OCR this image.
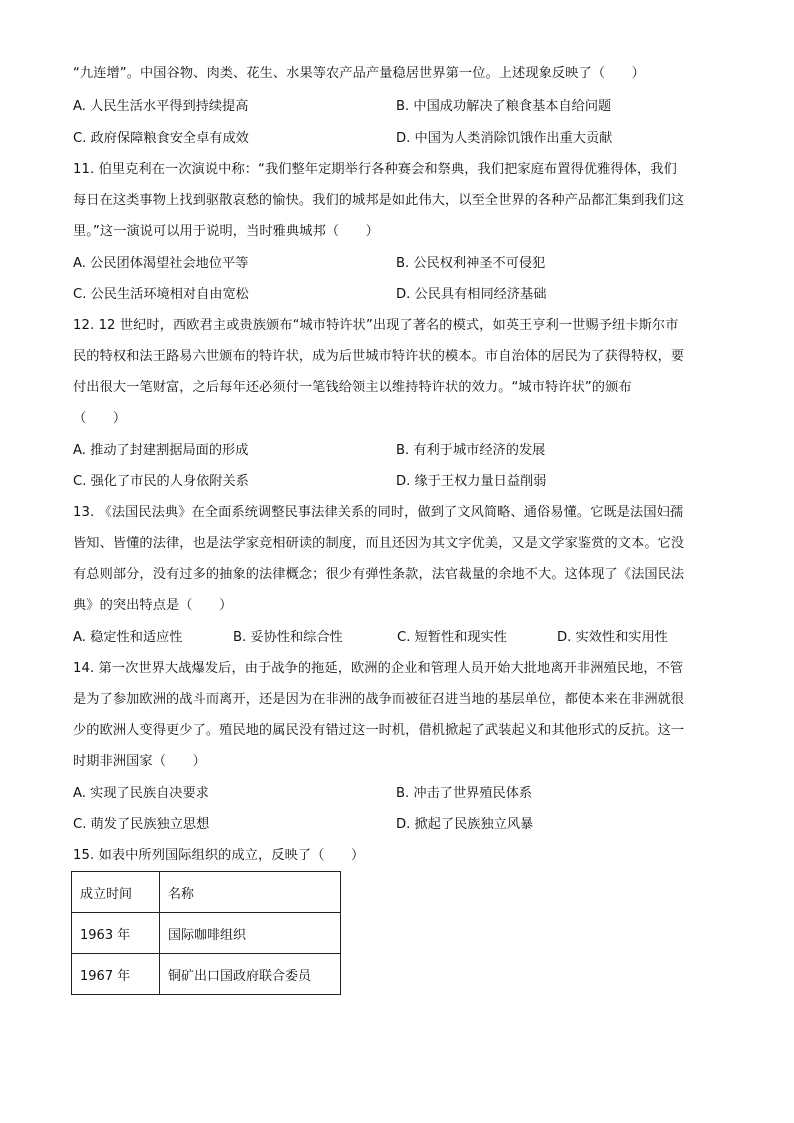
“九连增”。中国谷物、肉类、花生、水果等农产品产量稳居世界第一位。上述现象反映了（　　）
A. 人民生活水平得到持续提高	B. 中国成功解决了粮食基本自给问题
C. 政府保障粮食安全卓有成效	D. 中国为人类消除饥饿作出重大贡献
11. 伯里克利在一次演说中称：“我们整年定期举行各种赛会和祭典，我们把家庭布置得优雅得体，我们
每日在这类事物上找到驱散哀愁的愉快。我们的城邦是如此伟大，以至全世界的各种产品都汇集到我们这
里。”这一演说可以用于说明，当时雅典城邦（　　）
A. 公民团体渴望社会地位平等	B. 公民权利神圣不可侵犯
C. 公民生活环境相对自由宽松	D. 公民具有相同经济基础
12. 12 世纪时，西欧君主或贵族颁布“城市特许状”出现了著名的模式，如英王亨利一世赐予纽卡斯尔市
民的特权和法王路易六世颁布的特许状，成为后世城市特许状的模本。市自治体的居民为了获得特权，要
付出很大一笔财富，之后每年还必须付一笔钱给领主以维持特许状的效力。“城市特许状”的颁布
（　　）
A. 推动了封建割据局面的形成	B. 有利于城市经济的发展
C. 强化了市民的人身依附关系	D. 缘于王权力量日益削弱
13. 《法国民法典》在全面系统调整民事法律关系的同时，做到了文风简略、通俗易懂。它既是法国妇孺
皆知、皆懂的法律，也是法学家竞相研读的制度，而且还因为其文字优美，又是文学家鉴赏的文本。它没
有总则部分，没有过多的抽象的法律概念；很少有弹性条款，法官裁量的余地不大。这体现了《法国民法
典》的突出特点是（　　）
A. 稳定性和适应性	B. 妥协性和综合性	C. 短暂性和现实性	D. 实效性和实用性
14. 第一次世界大战爆发后，由于战争的拖延，欧洲的企业和管理人员开始大批地离开非洲殖民地，不管
是为了参加欧洲的战斗而离开，还是因为在非洲的战争而被征召进当地的基层单位，都使本来在非洲就很
少的欧洲人变得更少了。殖民地的属民没有错过这一时机，借机掀起了武装起义和其他形式的反抗。这一
时期非洲国家（　　）
A. 实现了民族自决要求	B. 冲击了世界殖民体系
C. 萌发了民族独立思想	D. 掀起了民族独立风暴
15. 如表中所列国际组织的成立，反映了（　　）
成立时间	名称
1963 年	国际咖啡组织
1967 年	铜矿出口国政府联合委员
